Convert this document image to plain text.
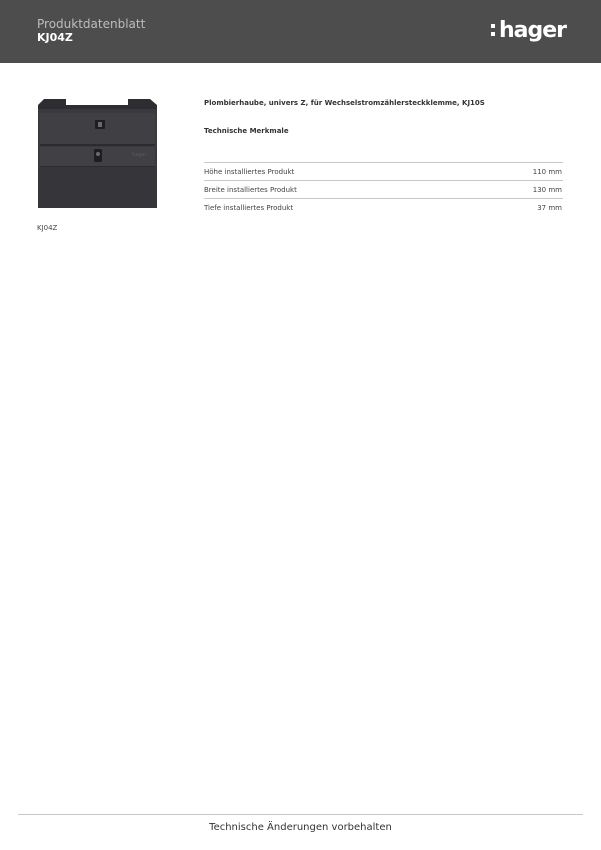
Produktdatenblatt
KJ04Z	hager
hager
KJ04Z
Plombierhaube, univers Z, für Wechselstromzählersteckklemme, KJ10S
Technische Merkmale
Höhe installiertes Produkt	110 mm
Breite installiertes Produkt	130 mm
Tiefe installiertes Produkt	37 mm
Technische Änderungen vorbehalten
